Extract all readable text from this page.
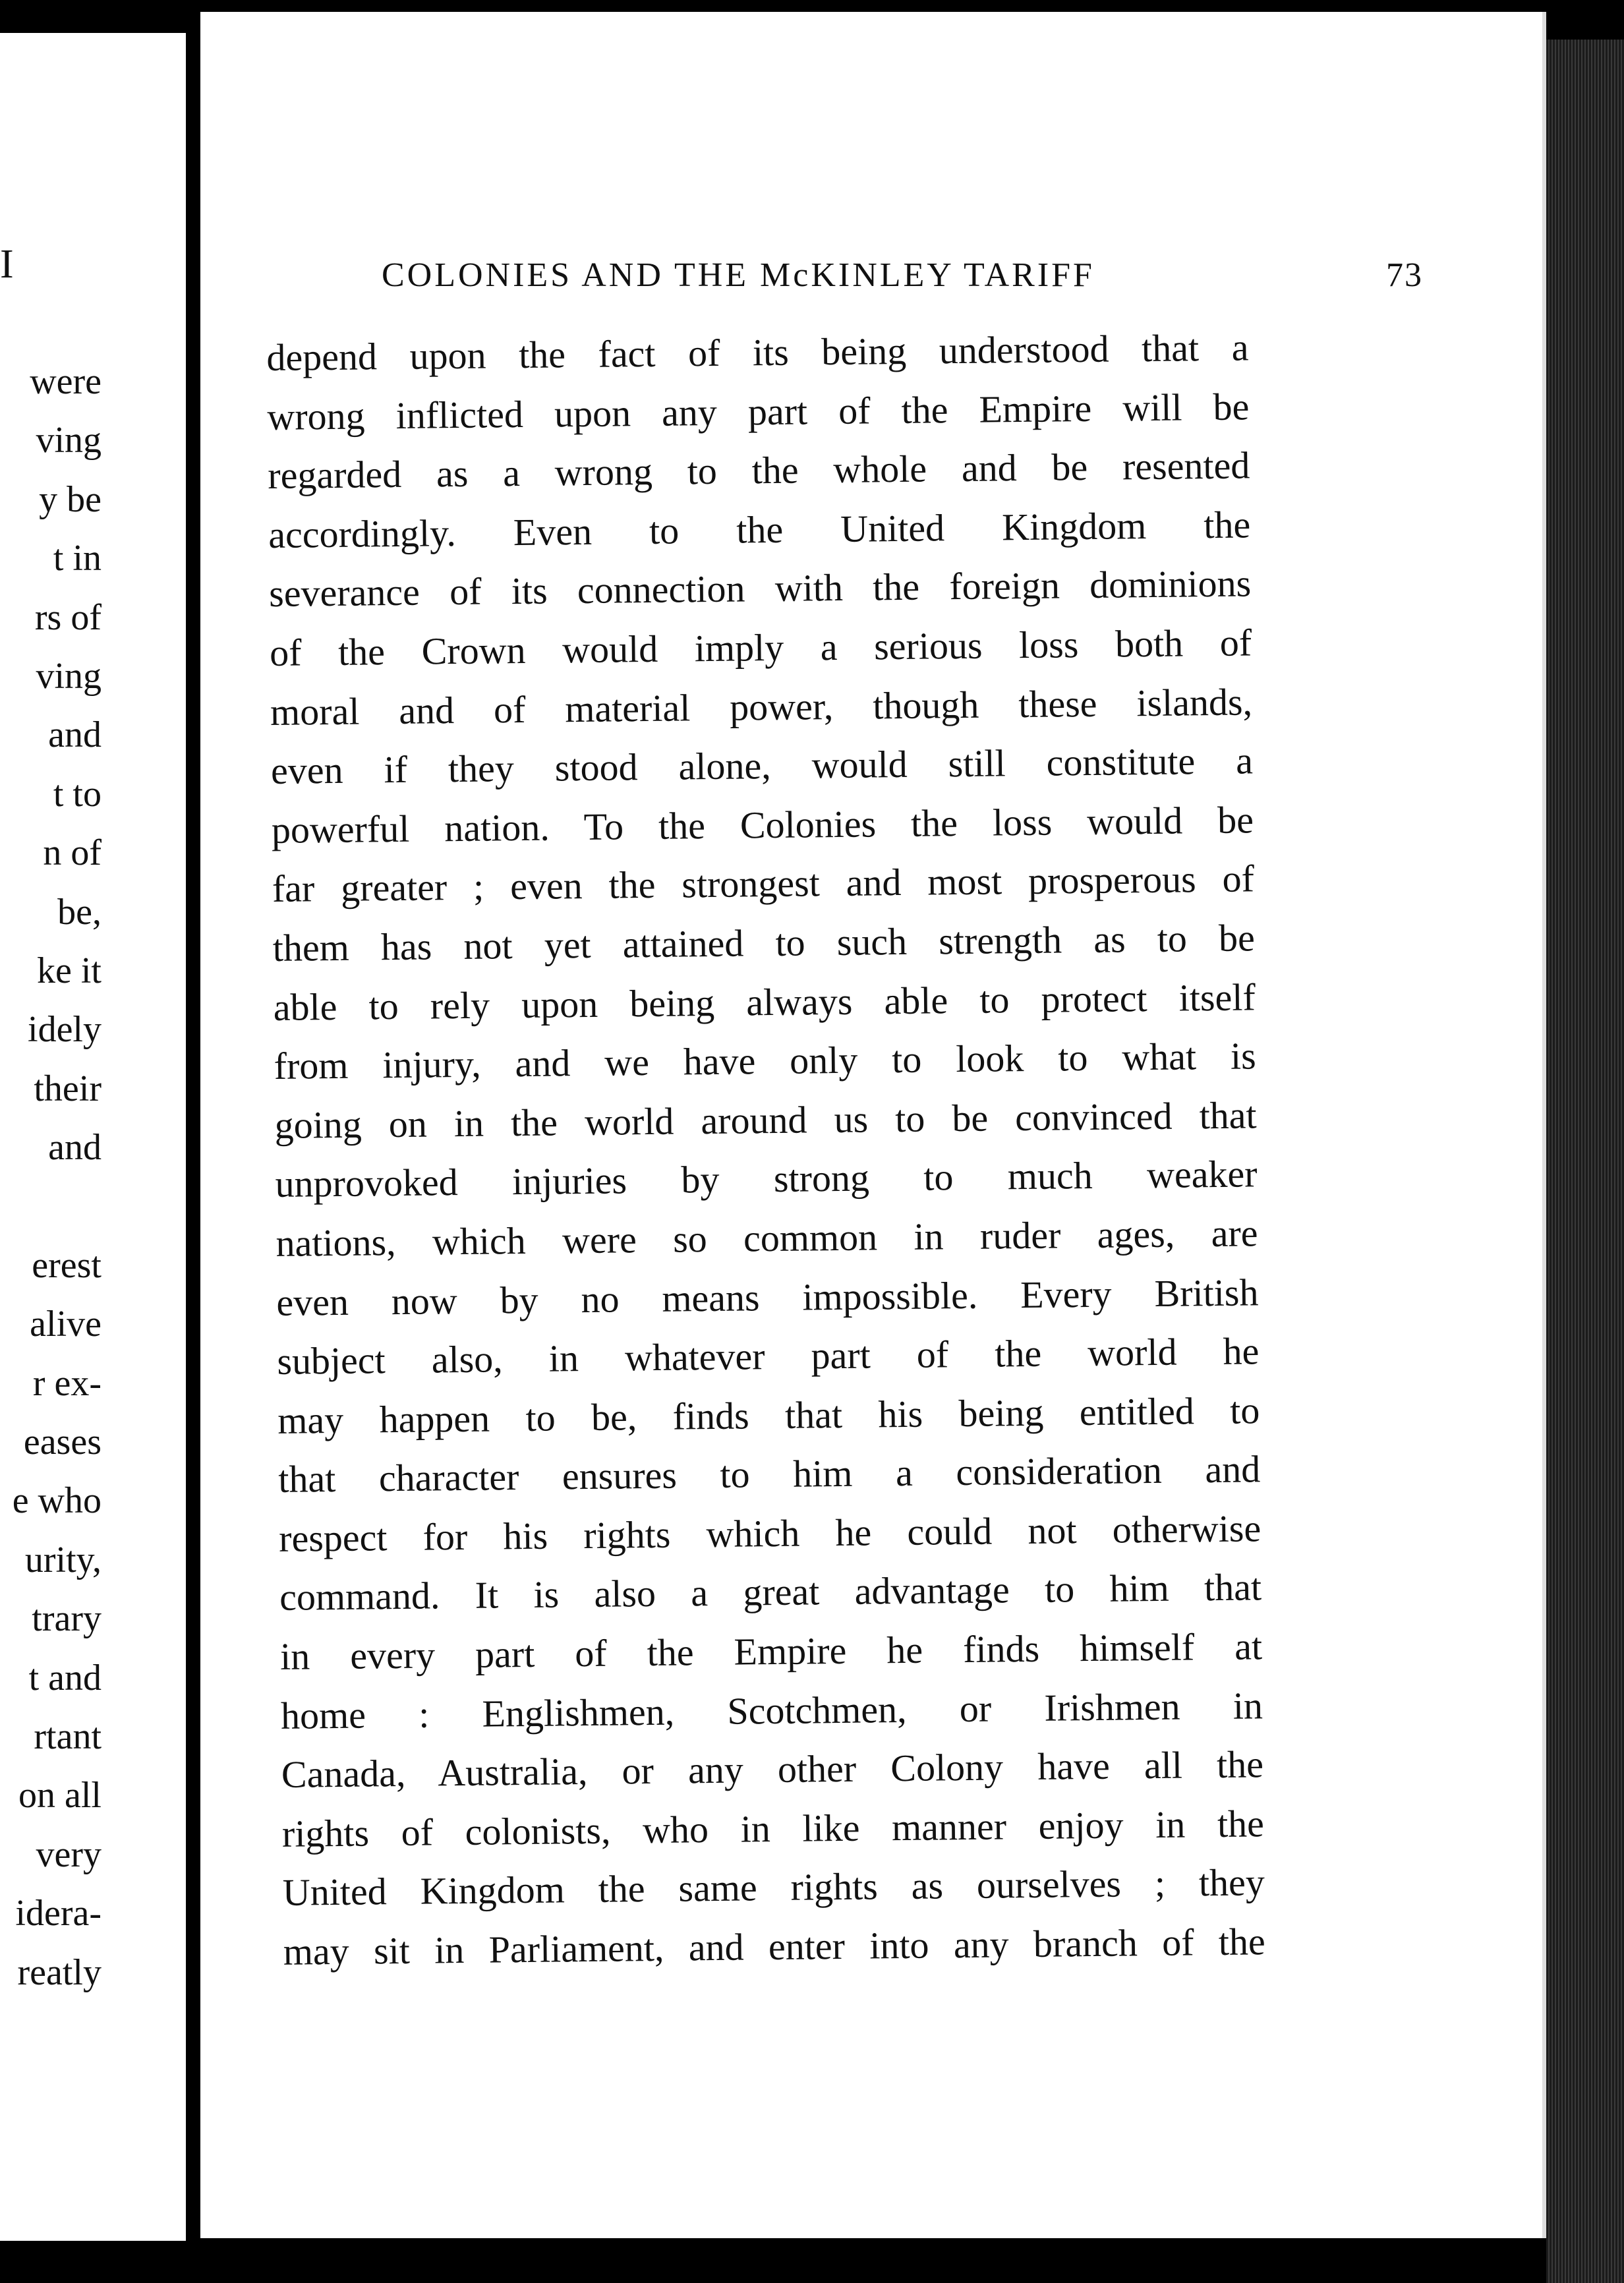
I
were
ving
y be
t in
rs of
ving
and
t to
n of
be,
ke it
idely
their
and
erest
alive
r ex-
eases
e who
urity,
trary
t and
rtant
on all
very
idera-
reatly
COLONIES AND THE McKINLEY TARIFF	73
depend upon the fact of its being understood that a
wrong inflicted upon any part of the Empire will be
regarded as a wrong to the whole and be resented
accordingly. Even to the United Kingdom the
severance of its connection with the foreign dominions
of the Crown would imply a serious loss both of
moral and of material power, though these islands,
even if they stood alone, would still constitute a
powerful nation. To the Colonies the loss would be
far greater ; even the strongest and most prosperous of
them has not yet attained to such strength as to be
able to rely upon being always able to protect itself
from injury, and we have only to look to what is
going on in the world around us to be convinced that
unprovoked injuries by strong to much weaker
nations, which were so common in ruder ages, are
even now by no means impossible. Every British
subject also, in whatever part of the world he
may happen to be, finds that his being entitled to
that character ensures to him a consideration and
respect for his rights which he could not otherwise
command. It is also a great advantage to him that
in every part of the Empire he finds himself at
home : Englishmen, Scotchmen, or Irishmen in
Canada, Australia, or any other Colony have all the
rights of colonists, who in like manner enjoy in the
United Kingdom the same rights as ourselves ; they
may sit in Parliament, and enter into any branch of the
